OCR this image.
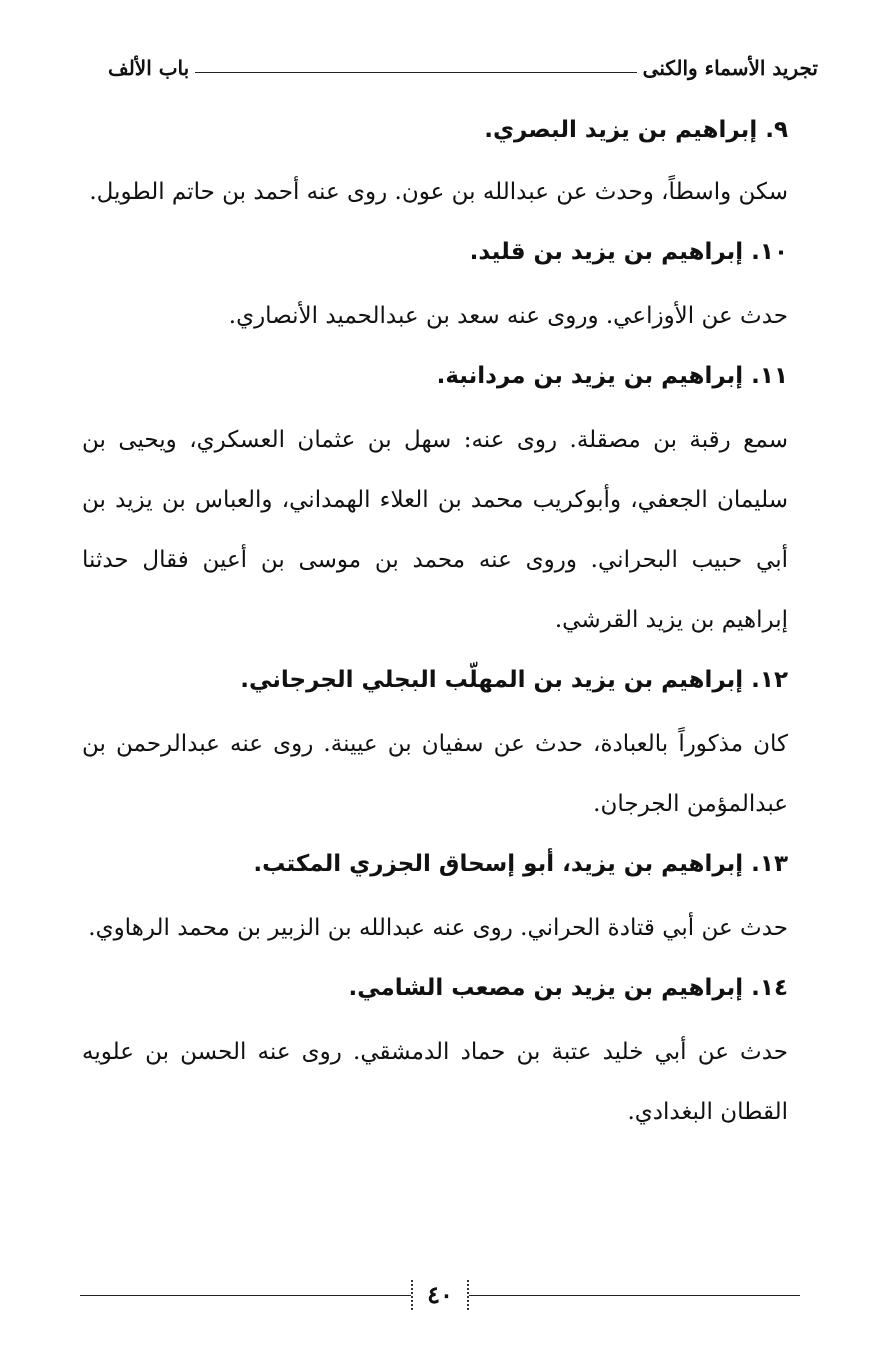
تجريد الأسماء والكنى
باب الألف
٩. إبراهيم بن يزيد البصري.
سكن واسطاً، وحدث عن عبدالله بن عون. روى عنه أحمد بن حاتم الطويل.
١٠. إبراهيم بن يزيد بن قليد.
حدث عن الأوزاعي. وروى عنه سعد بن عبدالحميد الأنصاري.
١١. إبراهيم بن يزيد بن مردانبة.
سمع رقبة بن مصقلة. روى عنه: سهل بن عثمان العسكري، ويحيى بن سليمان الجعفي، وأبوكريب محمد بن العلاء الهمداني، والعباس بن يزيد بن أبي حبيب البحراني. وروى عنه محمد بن موسى بن أعين فقال حدثنا إبراهيم بن يزيد القرشي.
١٢. إبراهيم بن يزيد بن المهلّب البجلي الجرجاني.
كان مذكوراً بالعبادة، حدث عن سفيان بن عيينة. روى عنه عبدالرحمن بن عبدالمؤمن الجرجان.
١٣. إبراهيم بن يزيد، أبو إسحاق الجزري المكتب.
حدث عن أبي قتادة الحراني. روى عنه عبدالله بن الزبير بن محمد الرهاوي.
١٤. إبراهيم بن يزيد بن مصعب الشامي.
حدث عن أبي خليد عتبة بن حماد الدمشقي. روى عنه الحسن بن علويه القطان البغدادي.
٤٠
